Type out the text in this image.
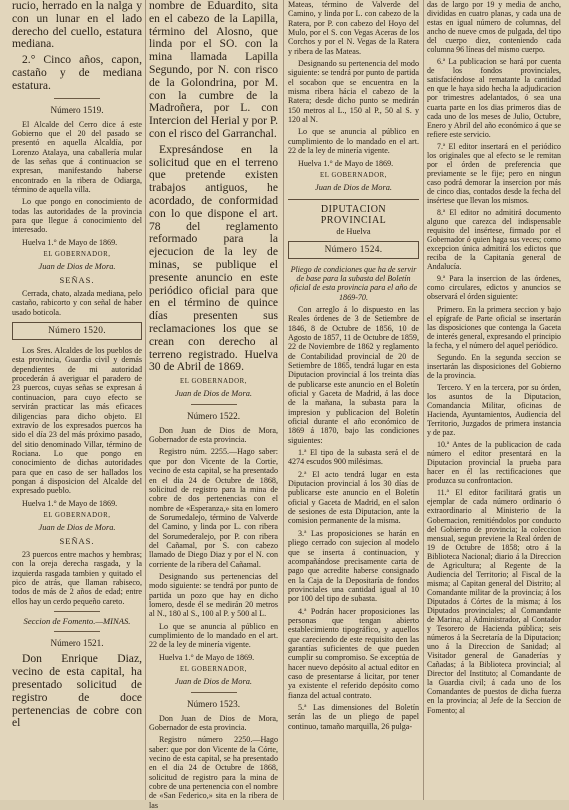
rucio, herrado en la nalga y con un lunar en el lado derecho del cuello, estatura mediana.

2.° Cinco años, capon, castaño y de mediana estatura.

Número 1519.

El Alcalde del Cerro dice á este Gobierno que el 20 del pasado se presentó en aquella Alcaldía, por Lorenzo Atalaya, una caballería mular de las señas que á continuacion se expresan, manifestando haberse encontrado en la ribera de Odiarga, término de aquella villa.

Lo que pongo en conocimiento de todas las autoridades de la provincia para que llegue á conocimiento del interesado.

Huelva 1.° de Mayo de 1869.

EL GOBERNADOR,

Juan de Dios de Mora.

SEÑAS.

Cerrada, chato, alzada mediana, pelo castaño, rabicorto y con señal de haber usado boticola.

Número 1520.

Los Sres. Alcaldes de los pueblos de esta provincia, Guardia civil y demás dependientes de mi autoridad procederán á averiguar el paradero de 23 puercos, cuyas señas se expresan á continuacion, para cuyo efecto se servirán practicar las más eficaces diligencias para dicho objeto. El extravío de los expresados puercos ha sido el día 23 del más próximo pasado, del sitio denominado Villar, término de Rociana. Lo que pongo en conocimiento de dichas autoridades para que en caso de ser hallados los pongan á disposicion del Alcalde del expresado pueblo.

Huelva 1.° de Mayo de 1869.

EL GOBERNADOR,

Juan de Dios de Mora.

SEÑAS.

23 puercos entre machos y hembras; con la oreja derecha rasgada, y la izquierda rasgada tambien y quitado el pico de atrás, que llaman rabiseco, todos de más de 2 años de edad; entre ellos hay un cerdo pequeño careto.

Seccion de Fomento.—MINAS.

Número 1521.

Don Enrique Diaz, vecino de esta capital, ha presentado solicitud de registro de doce pertenencias de cobre con el

nombre de Eduardito, sita en el cabezo de la Lapilla, término del Alosno, que linda por el SO. con la mina llamada Lapilla Segundo, por N. con risco de la Golondrina, por M. con la cumbre de la Madroñera, por L. con Intercion del Herial y por P. con el risco del Garranchal.

Expresándose en la solicitud que en el terreno que pretende existen trabajos antiguos, he acordado, de conformidad con lo que dispone el art. 78 del reglamento reformado para la ejecucion de la ley de minas, se publique el presente anuncio en este periódico oficial para que en el término de quince días presenten sus reclamaciones los que se crean con derecho al terreno registrado. Huelva 30 de Abril de 1869.

EL GOBERNADOR,

Juan de Dios de Mora.

Número 1522.

Don Juan de Dios de Mora, Gobernador de esta provincia.

Registro núm. 2255.—Hago saber: que por don Vicente de la Cortie, vecino de esta capital, se ha presentado en el dia 24 de Octubre de 1868, solicitud de registro para la mina de cobre de dos pertenencias con el nombre de «Esperanza,» sita en lomero de Sorumedalejo, término de Valverde del Camino, y linda por L. con ribera del Sorumederalejo, por P. con ribera del Cañamal, por S. con cabezo llamado de Diego Diaz y por el N. con corriente de la ribera del Cañamal.

Designando sus pertenencias del modo siguiente: se tendrá por punto de partida un pozo que hay en dicho lomero, desde él se medirán 20 metros al N., 180 al S., 100 al P. y 500 al L.

Lo que se anuncia al público en cumplimiento de lo mandado en el art. 22 de la ley de minería vigente.

Huelva 1.° de Mayo de 1869.

EL GOBERNADOR,

Juan de Dios de Mora.

Número 1523.

Don Juan de Dios de Mora, Gobernador de esta provincia.

Registro número 2250.—Hago saber: que por don Vicente de la Córte, vecino de esta capital, se ha presentado en el dia 24 de Octubre de 1868, solicitud de registro para la mina de cobre de una pertenencia con el nombre de «San Federico,» sita en la ribera de las

Mateas, término de Valverde del Camino, y linda por L. con cabezo de la Ratera, por P. con cabezo del Hoyo del Mulo, por el S. con Vegas Aceras de los Corchos y por el N. Vegas de la Ratera y ribera de las Mateas.

Designando su pertenencia del modo siguiente: se tendrá por punto de partida el socabon que se encuentra en la misma ribera hácia el cabezo de la Ratera; desde dicho punto se medirán 150 metros al L., 150 al P., 50 al S. y 120 al N.

Lo que se anuncia al público en cumplimiento de lo mandado en el art. 22 de la ley de minería vigente.

Huelva 1.° de Mayo de 1869.

EL GOBERNADOR,

Juan de Dios de Mora.

DIPUTACION PROVINCIAL
de Huelva
Número 1524.

Pliego de condiciones que ha de servir de base para la subasta del Boletín oficial de esta provincia para el año de 1869-70.

Con arreglo á lo dispuesto en las Reales órdenes de 3 de Setiembre de 1846, 8 de Octubre de 1856, 10 de Agosto de 1857, 11 de Octubre de 1859, 22 de Noviembre de 1862 y reglamento de Contabilidad provincial de 20 de Setiembre de 1865, tendrá lugar en esta Diputacion provincial á los treinta días de publicarse este anuncio en el Boletín oficial y Gaceta de Madrid, á las doce de la mañana, la subasta para la impresion y publicacion del Boletín oficial durante el año económico de 1869 á 1870, bajo las condiciones siguientes:

1.ª El tipo de la subasta será el de 4274 escudos 900 milésimas.

2.ª El acto tendrá lugar en esta Diputacion provincial á los 30 días de publicarse este anuncio en el Boletín oficial y Gaceta de Madrid, en el salon de sesiones de esta Diputacion, ante la comision permanente de la misma.

3.ª Las proposiciones se harán en pliego cerrado con sujecion al modelo que se inserta á continuacion, y acompañándose precisamente carta de pago que acredite haberse consignado en la Caja de la Depositaría de fondos provinciales una cantidad igual al 10 por 100 del tipo de subasta.

4.ª Podrán hacer proposiciones las personas que tengan abierto establecimiento tipográfico, y aquellos que careciendo de este requisito den las garantías suficientes de que pueden cumplir su compromiso. Se exceptúa de hacer nuevo depósito al actual editor en caso de presentarse á licitar, por tener ya existente el referido depósito como fianza del actual contrato.

5.ª Las dimensiones del Boletín serán las de un pliego de papel continuo, tamaño marquilla, 26 pulga-

das de largo por 19 y media de ancho, divididas en cuatro planas, y cada una de estas en igual número de columnas, del ancho de nueve cmos de pulgada, del tipo del cuerpo diez, conteniendo cada columna 96 líneas del mismo cuerpo.

6.ª La publicacion se hará por cuenta de los fondos provinciales, satisfaciéndose al rematante la cantidad en que le haya sido hecha la adjudicacion por trimestres adelantados, ó sea una cuarta parte en los dias primeros dias de cada uno de los meses de Julio, Octubre, Enero y Abril del año económico á que se refiere este servicio.

7.ª El editor insertará en el periódico los originales que al efecto se le remitan por el órden de preferencia que previamente se le fije; pero en ningun caso podrá demorar la insercion por más de cinco dias, contados desde la fecha del insértese que llevan los mismos.

8.ª El editor no admitirá documento alguno que carezca del indispensable requisito del insértese, firmado por el Gobernador ó quien haga sus veces; como excepcion única admitirá los edictos que reciba de la Capitanía general de Andalucía.

9.ª Para la insercion de las órdenes, como circulares, edictos y anuncios se observará el órden siguiente:

Primero. En la primera seccion y bajo el epígrafe de Parte oficial se insertarán las disposiciones que contenga la Gaceta de interés general, expresando el principio la fecha, y el número del aquel periódico.

Segundo. En la segunda seccion se insertarán las disposiciones del Gobierno de la provincia.

Tercero. Y en la tercera, por su órden, los asuntos de la Diputacion, Comandancia Militar, oficinas de Hacienda, Ayuntamientos, Audiencia del Territorio, Juzgados de primera instancia y de paz.

10.ª Antes de la publicacion de cada número el editor presentará en la Diputacion provincial la prueba para hacer en él las rectificaciones que produzca su confrontacion.

11.ª El editor facilitará gratis un ejemplar de cada número ordinario ó extraordinario al Ministerio de la Gobernacion, remitiéndolos por conducto del Gobierno de provincia; la coleccion mensual, segun previene la Real órden de 19 de Octubre de 1858; otro á la Biblioteca Nacional; diario á la Direccion de Agricultura; al Regente de la Audiencia del Territorio; al Fiscal de la misma; al Capitan general del Distrito; al Comandante militar de la provincia; á los Diputados á Córtes de la misma; á los Diputados provinciales; al Comandante de Marina; al Administrador, al Contador y Tesorero de Hacienda pública; seis números á la Secretaría de la Diputacion; uno á la Direccion de Sanidad; al Visitador general de Ganaderías y Cañadas; á la Biblioteca provincial; al Director del Instituto; al Comandante de la Guardia civil; á cada uno de los Comandantes de puestos de dicha fuerza en la provincia; al Jefe de la Seccion de Fomento; al
